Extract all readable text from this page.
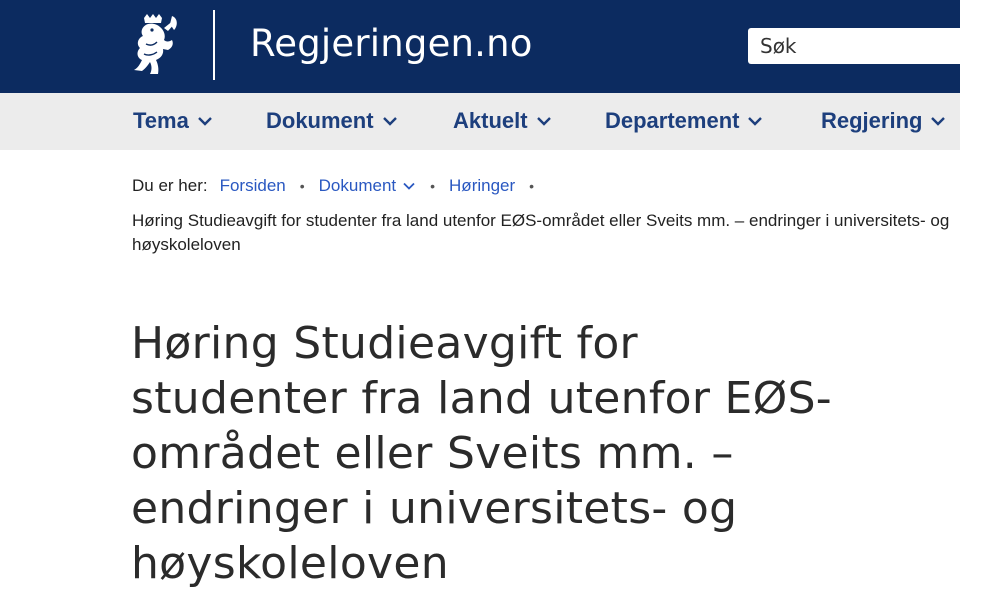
Regjeringen.no	Søk
Tema	Dokument	Aktuelt	Departement	Regjering
Du er her: Forsiden • Dokument • Høringer •
Høring Studieavgift for studenter fra land utenfor EØS-området eller Sveits mm. – endringer i universitets- og høyskoleloven
Høring Studieavgift for studenter fra land utenfor EØS-området eller Sveits mm. – endringer i universitets- og høyskoleloven
